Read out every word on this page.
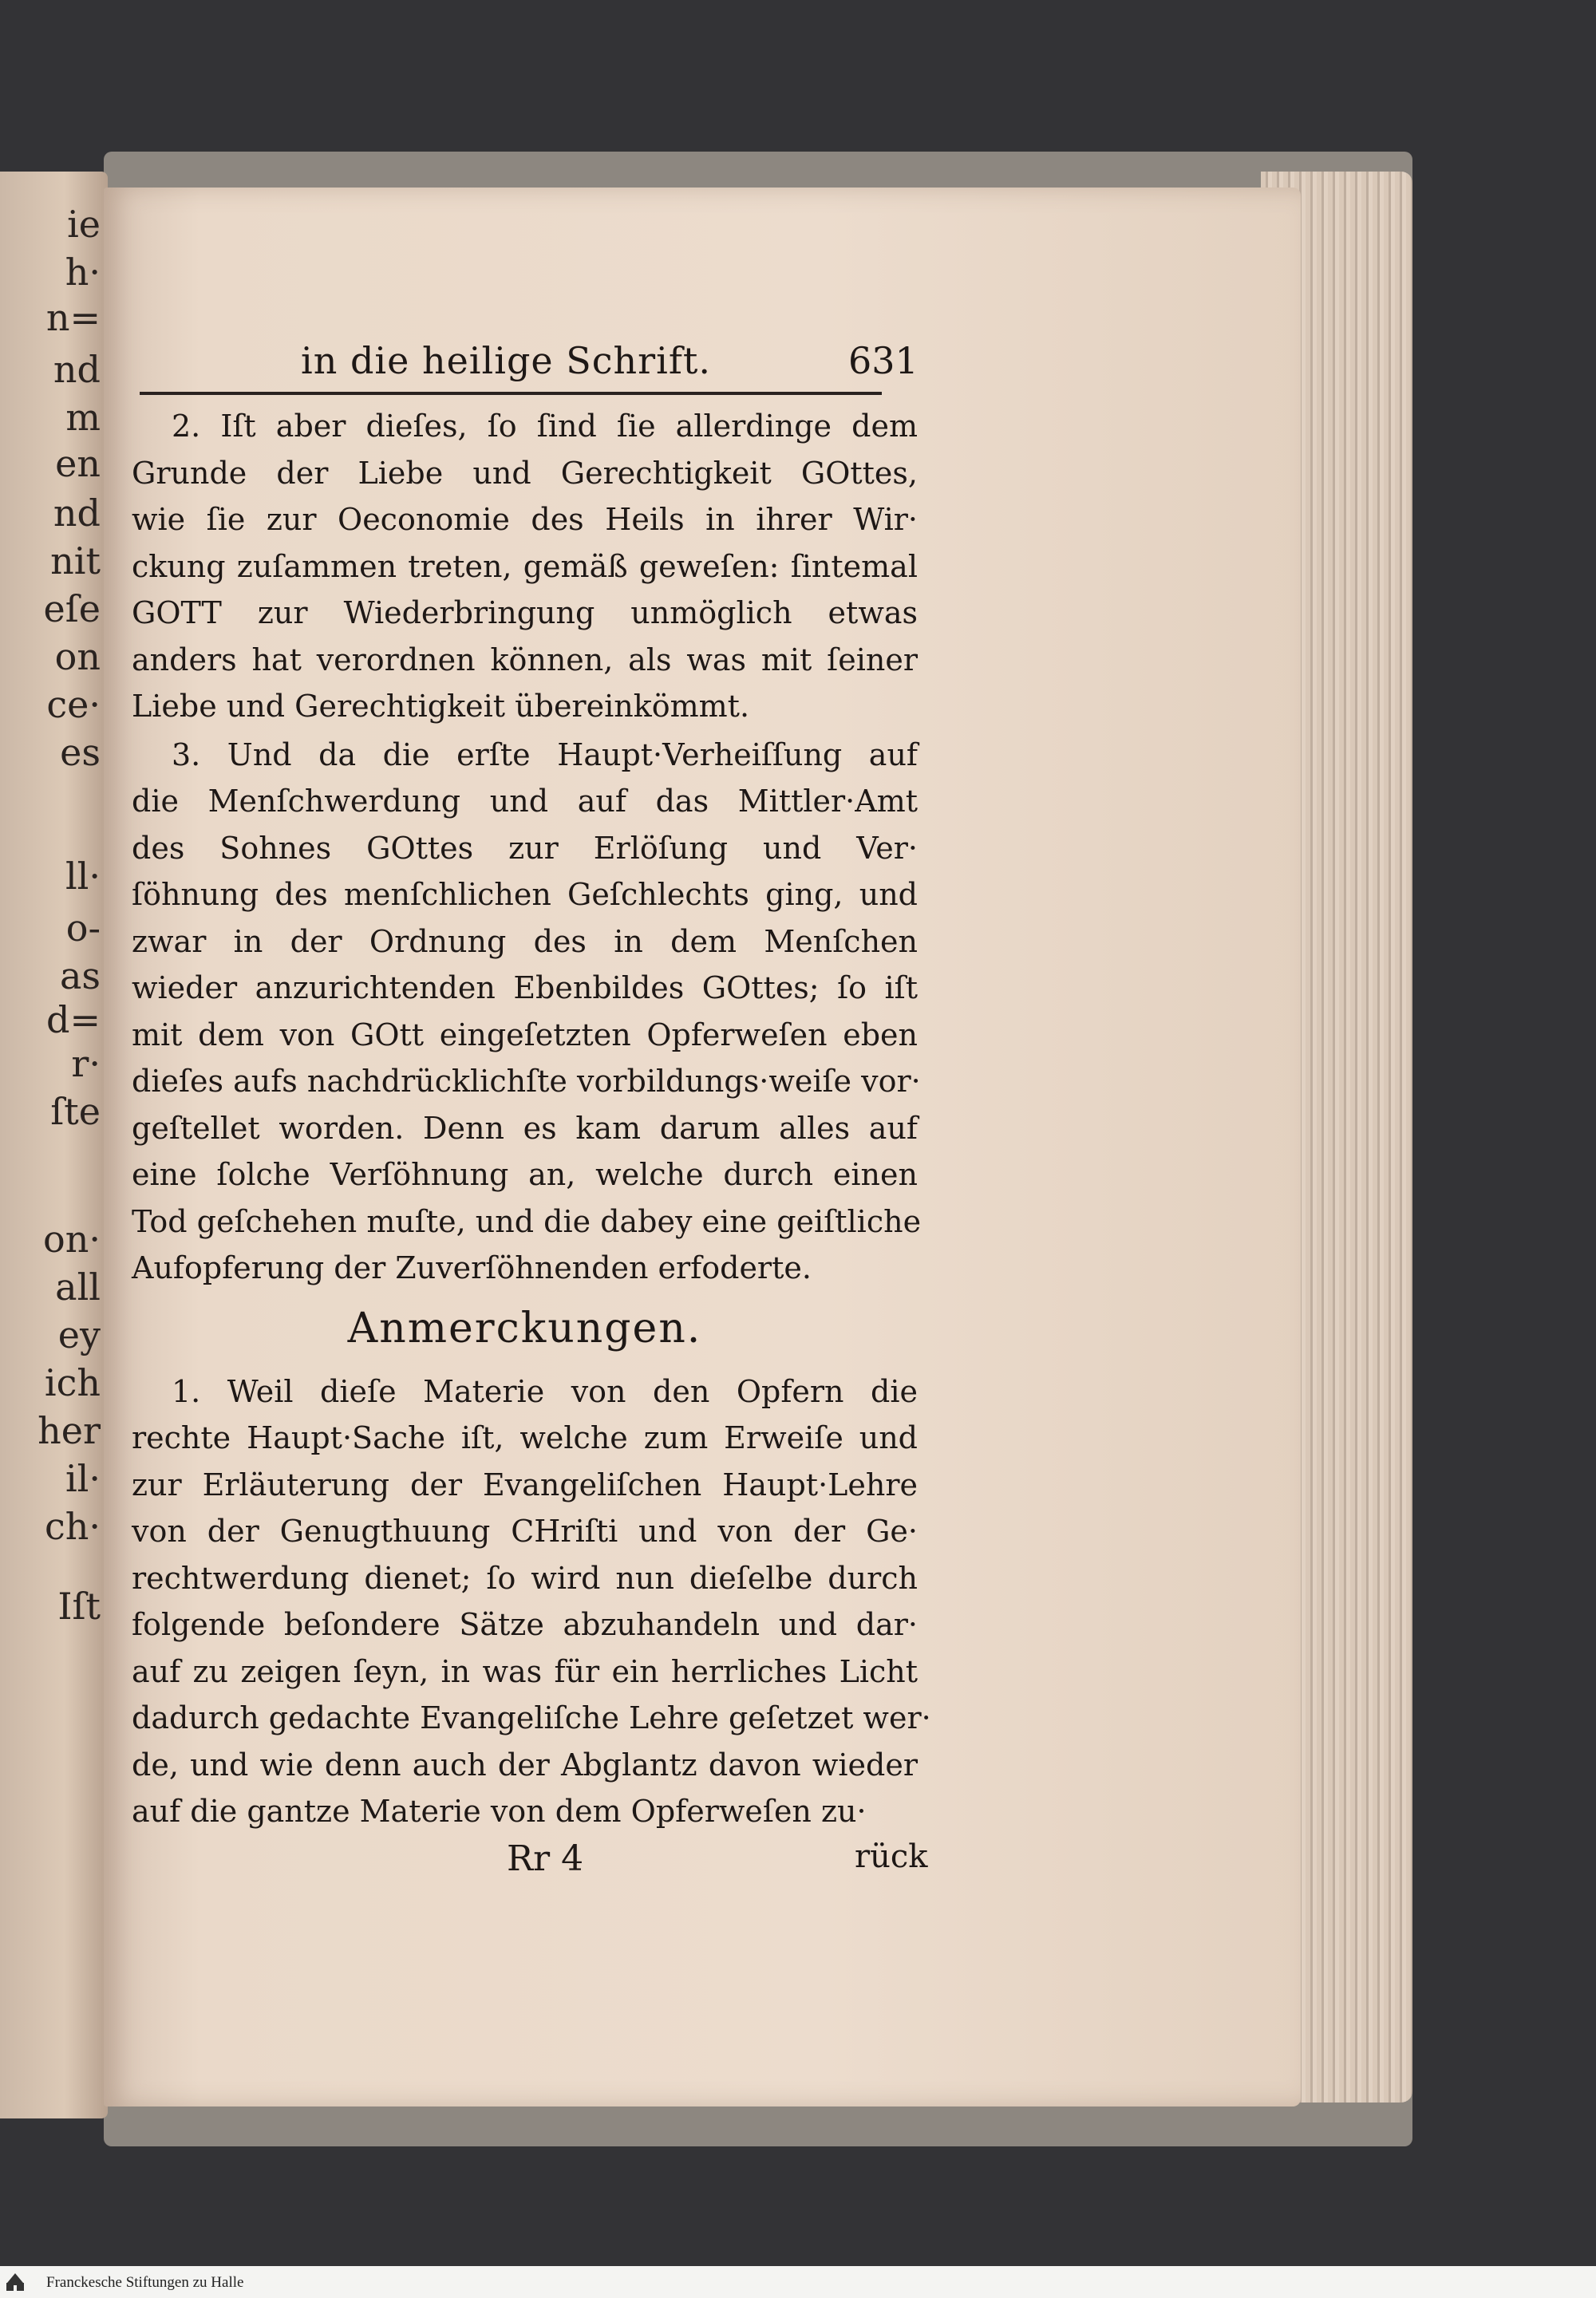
ie
h·
n=
nd
m
en
nd
nit
eſe
on
ce·
es
ll·
o-
as
d=
r·
ſte
on·
all
ey
ich
her
il·
ch·
Iſt
in die heilige Schrift.	631
Anmerckungen.
Rr 4	rück
2. Iſt aber dieſes, ſo ſind ſie allerdinge dem
Grunde der Liebe und Gerechtigkeit GOttes,
wie ſie zur Oeconomie des Heils in ihrer Wir·
ckung zuſammen treten, gemäß geweſen: ſintemal
GOTT zur Wiederbringung unmöglich etwas
anders hat verordnen können, als was mit ſeiner
Liebe und Gerechtigkeit übereinkömmt.
3. Und da die erſte Haupt·Verheiſſung auf
die Menſchwerdung und auf das Mittler·Amt
des Sohnes GOttes zur Erlöſung und Ver·
ſöhnung des menſchlichen Geſchlechts ging, und
zwar in der Ordnung des in dem Menſchen
wieder anzurichtenden Ebenbildes GOttes; ſo iſt
mit dem von GOtt eingeſetzten Opferweſen eben
dieſes aufs nachdrücklichſte vorbildungs·weiſe vor·
geſtellet worden. Denn es kam darum alles auf
eine ſolche Verſöhnung an, welche durch einen
Tod geſchehen muſte, und die dabey eine geiſtliche
Aufopferung der Zuverſöhnenden erfoderte.
1. Weil dieſe Materie von den Opfern die
rechte Haupt·Sache iſt, welche zum Erweiſe und
zur Erläuterung der Evangeliſchen Haupt·Lehre
von der Genugthuung CHriſti und von der Ge·
rechtwerdung dienet; ſo wird nun dieſelbe durch
folgende beſondere Sätze abzuhandeln und dar·
auf zu zeigen ſeyn, in was für ein herrliches Licht
dadurch gedachte Evangeliſche Lehre geſetzet wer·
de, und wie denn auch der Abglantz davon wieder
auf die gantze Materie von dem Opferweſen zu·
Franckesche Stiftungen zu Halle
